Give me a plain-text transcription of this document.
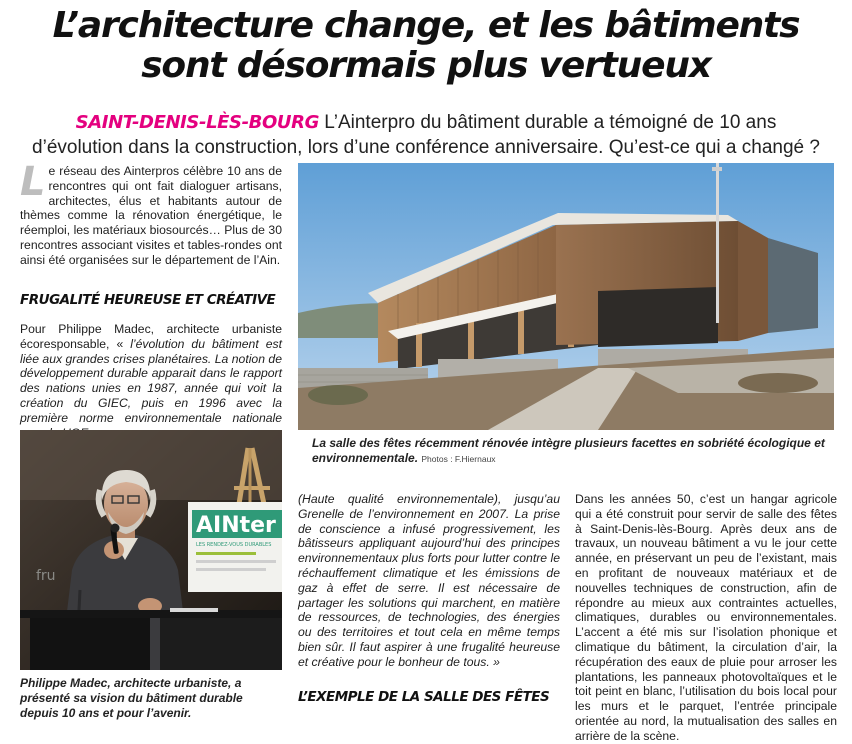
L’architecture change, et les bâtiments
sont désormais plus vertueux
SAINT-DENIS-LÈS-BOURG L’Ainterpro du bâtiment durable a témoigné de 10 ans
d’évolution dans la construction, lors d’une conférence anniversaire. Qu’est-ce qui a changé ?
Le réseau des Ainterpros célèbre 10 ans de rencontres qui ont fait dialoguer artisans, architectes, élus et habitants autour de thèmes comme la rénovation énergétique, le réemploi, les matériaux biosourcés… Plus de 30 rencontres associant visites et tables-rondes ont ainsi été organisées sur le département de l’Ain.
FRUGALITÉ HEUREUSE ET CRÉATIVE
Pour Philippe Madec, architecte urbaniste écoresponsable, « l’évolution du bâtiment est liée aux grandes crises planétaires. La notion de développement durable apparait dans le rapport des nations unies en 1987, année qui voit la création du GIEC, puis en 1996 avec la première norme environnementale nationale
AINter
LES RENDEZ-VOUS DURABLES
fru
Philippe Madec, architecte urbaniste, a présenté sa vision du bâtiment durable depuis 10 ans et pour l’avenir.
La salle des fêtes récemment rénovée intègre plusieurs facettes en sobriété écologique et environnementale. Photos : F.Hiernaux
(Haute qualité environnementale), jusqu’au Grenelle de l’environnement en 2007. La prise de conscience a infusé progressivement, les bâtisseurs appliquant aujourd’hui des principes environnementaux plus forts pour lutter contre le réchauffement climatique et les émissions de gaz à effet de serre. Il est nécessaire de partager les solutions qui marchent, en matière de ressources, de technologies, des énergies ou des territoires et tout cela en même temps bien sûr. Il faut aspirer à une frugalité heureuse et créative pour le bonheur de tous. »
L’EXEMPLE DE LA SALLE DES FÊTES
Dans les années 50, c’est un hangar agricole qui a été construit pour servir de salle des fêtes à Saint-Denis-lès-Bourg. Après deux ans de travaux, un nouveau bâtiment a vu le jour cette année, en préservant un peu de l’existant, mais en profitant de nouveaux matériaux et de nouvelles techniques de construction, afin de répondre au mieux aux contraintes actuelles, climatiques, durables ou environnementales. L’accent a été mis sur l’isolation phonique et climatique du bâtiment, la circulation d’air, la récupération des eaux de pluie pour arroser les plantations, les panneaux photovoltaïques et le toit peint en blanc, l’utilisation du bois local pour les murs et le parquet, l’entrée principale orientée au nord, la mutualisation des salles en arrière de la scène.
